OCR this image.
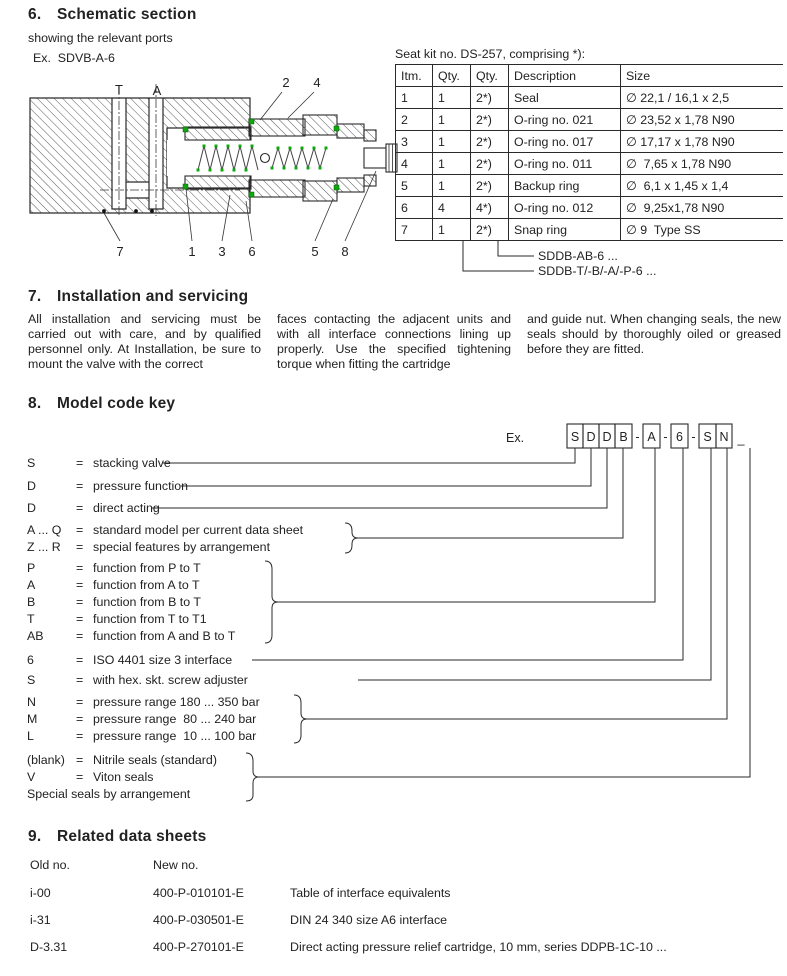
6. Schematic section
showing the relevant ports
Ex.  SDVB-A-6
T A
2 4
7	1 3 6	5 8
Seat kit no. DS-257, comprising *):
Itm.	Qty.	Qty.	Description	Size
1	1	2*)	Seal	∅ 22,1 / 16,1 x 2,5
2	1	2*)	O-ring no. 021	∅ 23,52 x 1,78 N90
3	1	2*)	O-ring no. 017	∅ 17,17 x 1,78 N90
4	1	2*)	O-ring no. 011	∅  7,65 x 1,78 N90
5	1	2*)	Backup ring	∅  6,1 x 1,45 x 1,4
6	4	4*)	O-ring no. 012	∅  9,25x1,78 N90
7	1	2*)	Snap ring	∅ 9  Type SS
SDDB-AB-6 ...
SDDB-T/-B/-A/-P-6 ...
7. Installation and servicing
All installation and servicing must be carried out with care, and by qualified personnel only. At Installation, be sure to mount the valve with the correct
faces contacting the adjacent units and with all interface connections lining up properly. Use the specified tightening torque when fitting the cartridge
and guide nut. When changing seals, the new seals should by thoroughly oiled or greased before they are fitted.
8. Model code key
Ex.	S D D B - A - 6 - S N _
S	= stacking valve
D	= pressure function
D	= direct acting
A ... Q = standard model per current data sheet
Z ... R = special features by arrangement
P	= function from P to T
A	= function from A to T
B	= function from B to T
T	= function from T to T1
AB	= function from A and B to T
6	= ISO 4401 size 3 interface
S	= with hex. skt. screw adjuster
N	= pressure range 180 ... 350 bar
M	= pressure range  80 ... 240 bar
L	= pressure range  10 ... 100 bar
(blank) = Nitrile seals (standard)
V	= Viton seals
Special seals by arrangement
9. Related data sheets
Old no.	New no.
i-00	400-P-010101-E	Table of interface equivalents
i-31	400-P-030501-E	DIN 24 340 size A6 interface
D-3.31	400-P-270101-E	Direct acting pressure relief cartridge, 10 mm, series DDPB-1C-10 ...
